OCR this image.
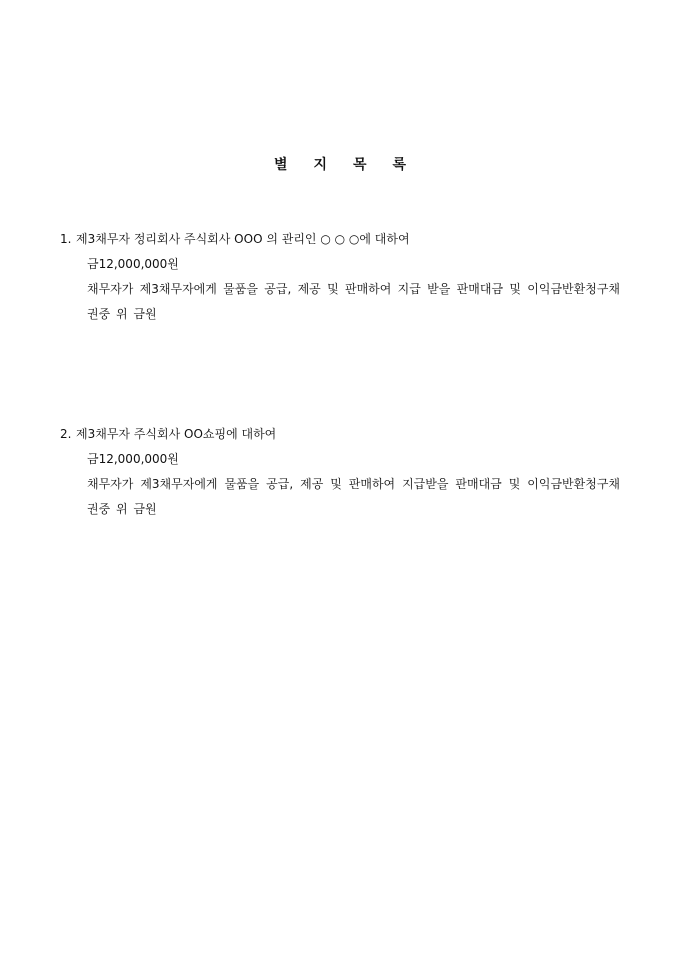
별지목록
1. 제3채무자 정리회사 주식회사 OOO 의 관리인 ○ ○ ○에 대하여
금12,000,000원
채무자가 제3채무자에게 물품을 공급, 제공 및 판매하여 지급 받을 판매대금 및 이익금반환청구채권중 위 금원
2. 제3채무자 주식회사 OO쇼핑에 대하여
금12,000,000원
채무자가 제3채무자에게 물품을 공급, 제공 및 판매하여 지급받을 판매대금 및 이익금반환청구채권중 위 금원
